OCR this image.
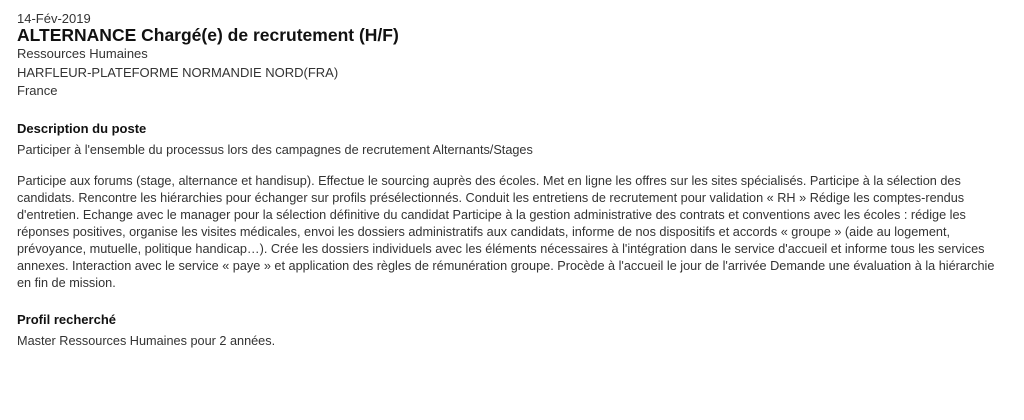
14-Fév-2019
ALTERNANCE Chargé(e) de recrutement (H/F)
Ressources Humaines
HARFLEUR-PLATEFORME NORMANDIE NORD(FRA)
France
Description du poste

Participer à l'ensemble du processus lors des campagnes de recrutement Alternants/Stages

Participe aux forums (stage, alternance et handisup). Effectue le sourcing auprès des écoles. Met en ligne les offres sur les sites spécialisés. Participe à la sélection des candidats. Rencontre les hiérarchies pour échanger sur profils présélectionnés. Conduit les entretiens de recrutement pour validation « RH » Rédige les comptes-rendus d'entretien. Echange avec le manager pour la sélection définitive du candidat Participe à la gestion administrative des contrats et conventions avec les écoles : rédige les réponses positives, organise les visites médicales, envoi les dossiers administratifs aux candidats, informe de nos dispositifs et accords « groupe » (aide au logement, prévoyance, mutuelle, politique handicap…). Crée les dossiers individuels avec les éléments nécessaires à l'intégration dans le service d'accueil et informe tous les services annexes. Interaction avec le service « paye » et application des règles de rémunération groupe. Procède à l'accueil le jour de l'arrivée Demande une évaluation à la hiérarchie en fin de mission.

Profil recherché

Master Ressources Humaines pour 2 années.
